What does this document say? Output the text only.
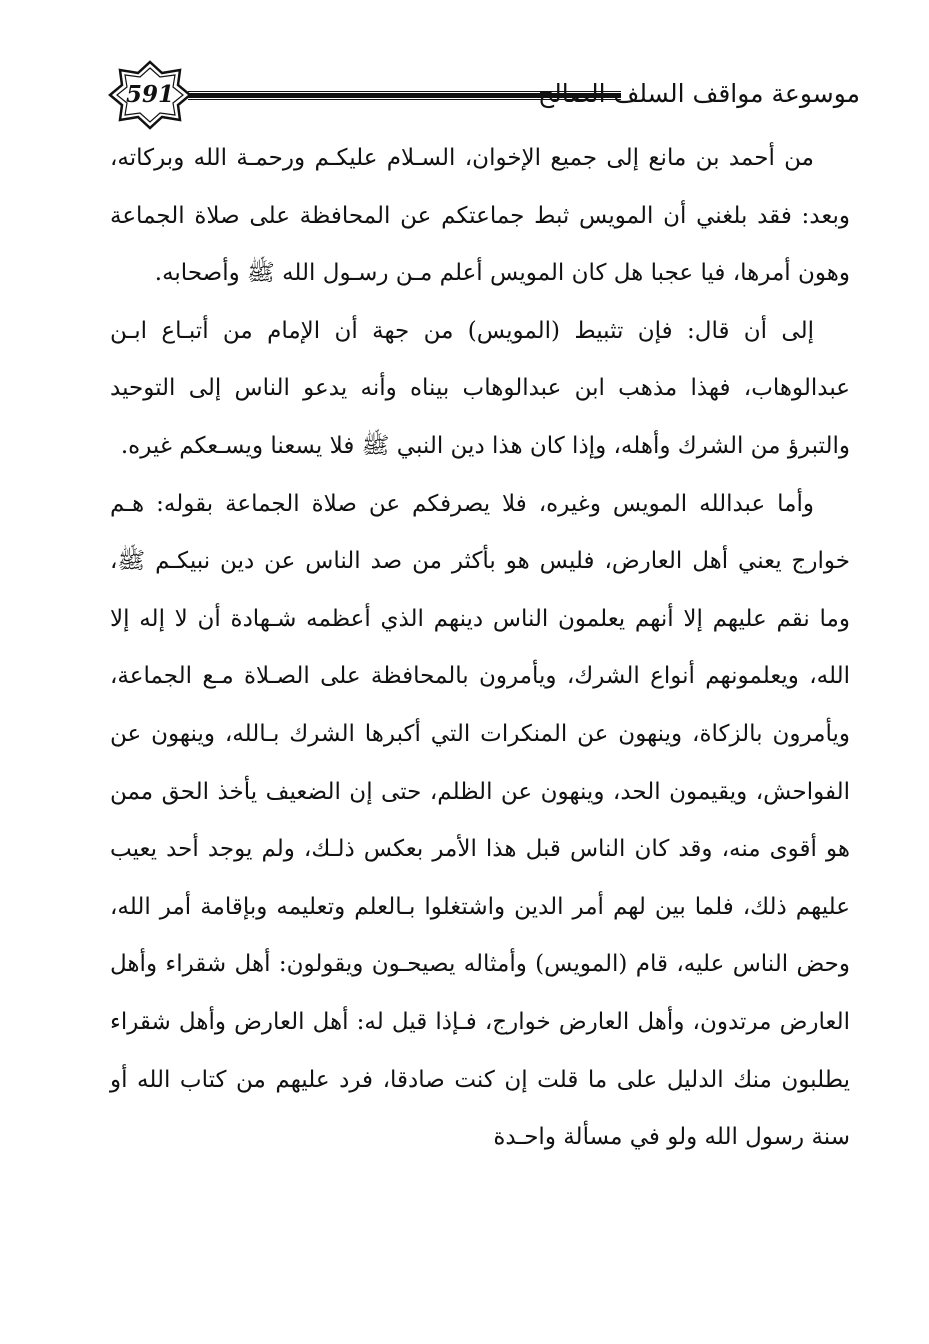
591	موسوعة مواقف السلف الصالح

من أحمد بن مانع إلى جميع الإخوان، السـلام عليكـم ورحمـة الله وبركاته، وبعد: فقد بلغني أن المويس ثبط جماعتكم عن المحافظة على صلاة الجماعة وهون أمرها، فيا عجبا هل كان المويس أعلم مـن رسـول الله ﷺ وأصحابه.

إلى أن قال: فإن تثبيط (المويس) من جهة أن الإمام من أتبـاع ابـن عبدالوهاب، فهذا مذهب ابن عبدالوهاب بيناه وأنه يدعو الناس إلى التوحيد والتبرؤ من الشرك وأهله، وإذا كان هذا دين النبي ﷺ فلا يسعنا ويسـعكم غيره.

وأما عبدالله المويس وغيره، فلا يصرفكم عن صلاة الجماعة بقوله: هـم خوارج يعني أهل العارض، فليس هو بأكثر من صد الناس عن دين نبيكـم ﷺ، وما نقم عليهم إلا أنهم يعلمون الناس دينهم الذي أعظمه شـهادة أن لا إله إلا الله، ويعلمونهم أنواع الشرك، ويأمرون بالمحافظة على الصـلاة مـع الجماعة، ويأمرون بالزكاة، وينهون عن المنكرات التي أكبرها الشرك بـالله، وينهون عن الفواحش، ويقيمون الحد، وينهون عن الظلم، حتى إن الضعيف يأخذ الحق ممن هو أقوى منه، وقد كان الناس قبل هذا الأمر بعكس ذلـك، ولم يوجد أحد يعيب عليهم ذلك، فلما بين لهم أمر الدين واشتغلوا بـالعلم وتعليمه وبإقامة أمر الله، وحض الناس عليه، قام (المويس) وأمثاله يصيحـون ويقولون: أهل شقراء وأهل العارض مرتدون، وأهل العارض خوارج، فـإذا قيل له: أهل العارض وأهل شقراء يطلبون منك الدليل على ما قلت إن كنت صادقا، فرد عليهم من كتاب الله أو سنة رسول الله ولو في مسألة واحـدة
